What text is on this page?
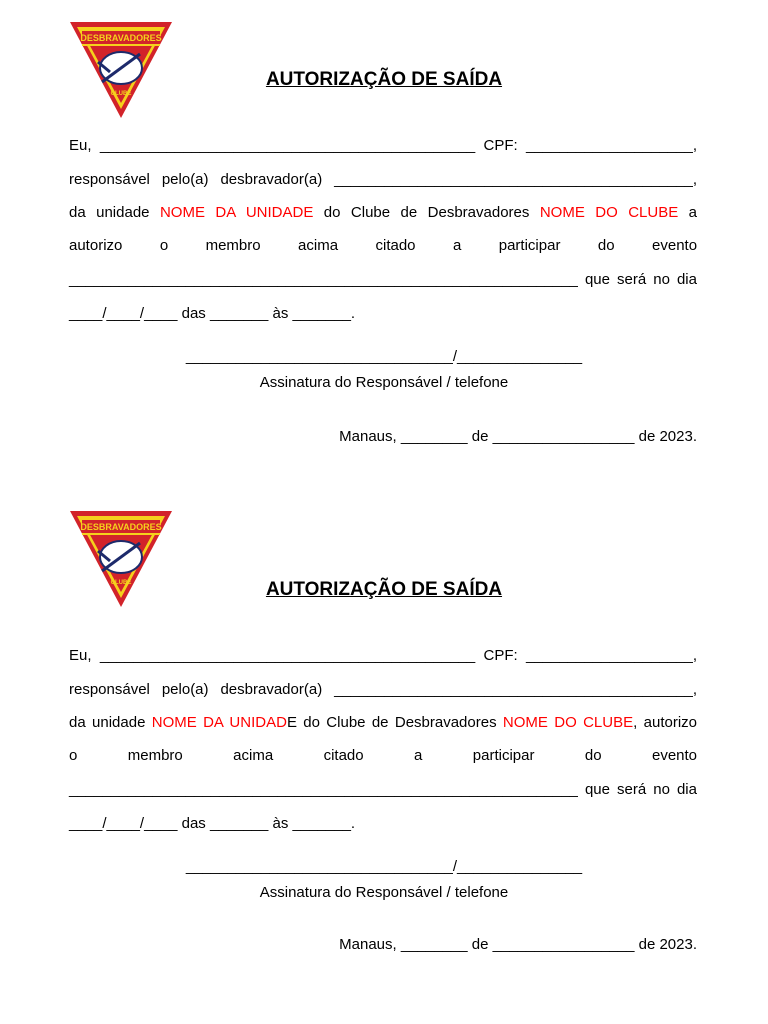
DESBRAVADORES
CLUBE
AUTORIZAÇÃO DE SAÍDA
Eu, _____________________________________________ CPF: ____________________,
responsável pelo(a) desbravador(a) ___________________________________________,
da unidade NOME DA UNIDADE do Clube de Desbravadores NOME DO CLUBE a
autorizo o membro acima citado a participar do evento
_____________________________________________________________ que será no dia
____/____/____ das _______ às _______.
________________________________/_______________
Assinatura do Responsável / telefone
Manaus, ________ de _________________ de 2023.
DESBRAVADORES
CLUBE	AUTORIZAÇÃO DE SAÍDA
Eu, _____________________________________________ CPF: ____________________,
responsável pelo(a) desbravador(a) ___________________________________________,
da unidade NOME DA UNIDADE do Clube de Desbravadores NOME DO CLUBE, autorizo
o	membro	acima	citado	a	participar	do	evento
_____________________________________________________________ que será no dia
____/____/____ das _______ às _______.
________________________________/_______________
Assinatura do Responsável / telefone
Manaus, ________ de _________________ de 2023.
